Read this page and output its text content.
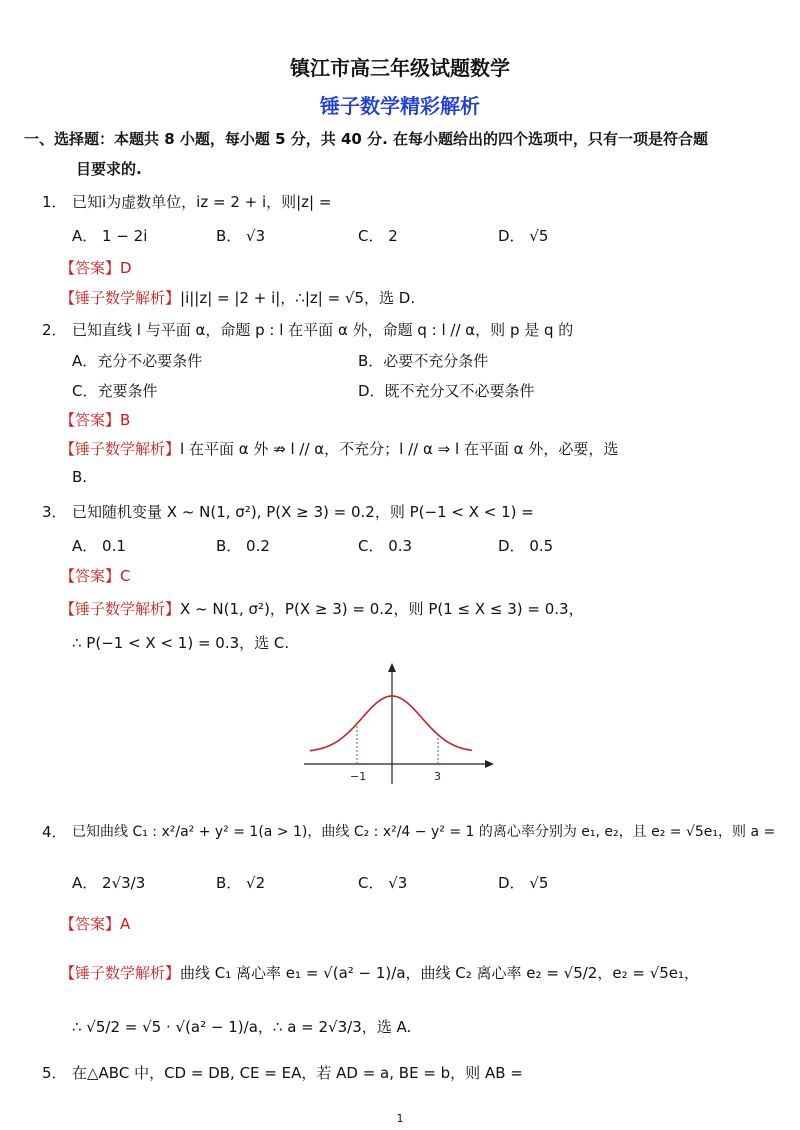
镇江市高三年级试题数学
锤子数学精彩解析
一、选择题：本题共 8 小题，每小题 5 分，共 40 分. 在每小题给出的四个选项中，只有一项是符合题
目要求的.
1． 已知i为虚数单位，iz = 2 + i，则|z| =
A． 1 − 2i	B． √3	C． 2	D． √5
【答案】D
【锤子数学解析】|i||z| = |2 + i|，∴|z| = √5，选 D.
2． 已知直线 l 与平面 α，命题 p : l 在平面 α 外，命题 q : l // α，则 p 是 q 的
A．充分不必要条件	B．必要不充分条件
C．充要条件	D．既不充分又不必要条件
【答案】B
【锤子数学解析】l 在平面 α 外 ⇏ l // α，不充分；l // α ⇒ l 在平面 α 外，必要，选
B.
3． 已知随机变量 X ~ N(1, σ²), P(X ≥ 3) = 0.2，则 P(−1 < X < 1) =
A． 0.1	B． 0.2	C． 0.3	D． 0.5
【答案】C
【锤子数学解析】X ~ N(1, σ²)，P(X ≥ 3) = 0.2，则 P(1 ≤ X ≤ 3) = 0.3，
∴ P(−1 < X < 1) = 0.3，选 C.
−1	3
4． 已知曲线 C₁ : x²/a² + y² = 1(a > 1)，曲线 C₂ : x²/4 − y² = 1 的离心率分别为 e₁, e₂，且 e₂ = √5e₁，则 a =
A． 2√3/3	B． √2	C． √3	D． √5
【答案】A
【锤子数学解析】曲线 C₁ 离心率 e₁ = √(a² − 1)/a，曲线 C₂ 离心率 e₂ = √5/2，e₂ = √5e₁，
∴ √5/2 = √5 · √(a² − 1)/a，∴ a = 2√3/3，选 A.
5． 在△ABC 中，CD = DB, CE = EA，若 AD = a, BE = b，则 AB =
1
